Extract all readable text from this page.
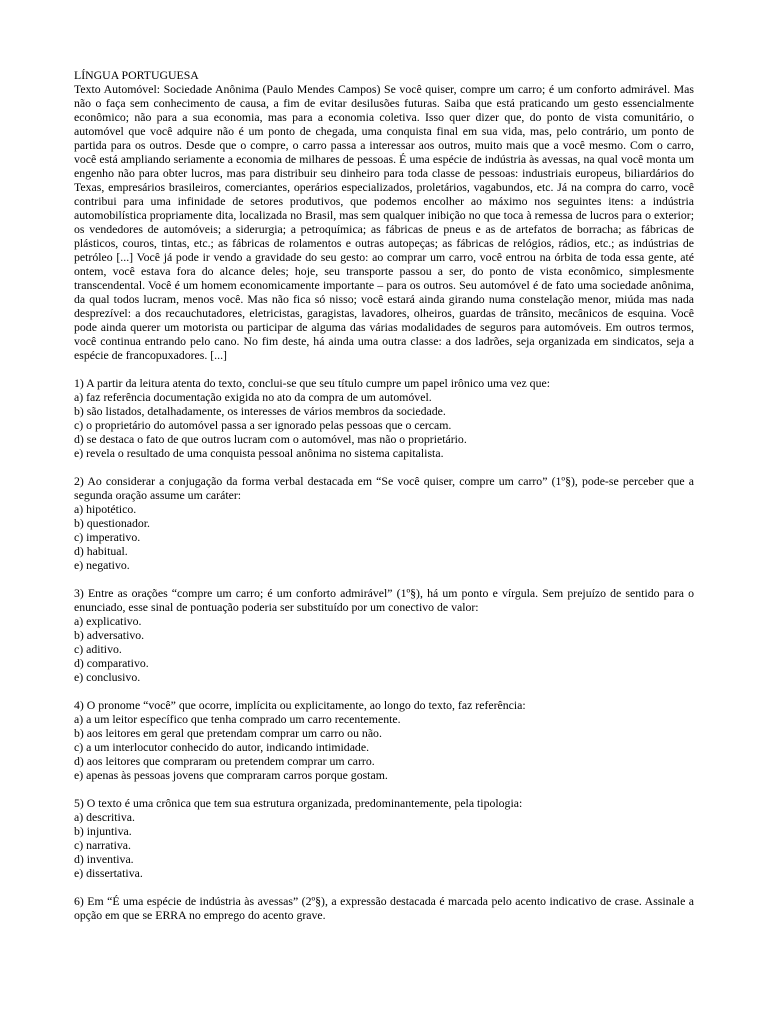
LÍNGUA PORTUGUESA

Texto Automóvel: Sociedade Anônima (Paulo Mendes Campos) Se você quiser, compre um carro; é um conforto admirável. Mas não o faça sem conhecimento de causa, a fim de evitar desilusões futuras. Saiba que está praticando um gesto essencialmente econômico; não para a sua economia, mas para a economia coletiva. Isso quer dizer que, do ponto de vista comunitário, o automóvel que você adquire não é um ponto de chegada, uma conquista final em sua vida, mas, pelo contrário, um ponto de partida para os outros. Desde que o compre, o carro passa a interessar aos outros, muito mais que a você mesmo. Com o carro, você está ampliando seriamente a economia de milhares de pessoas. É uma espécie de indústria às avessas, na qual você monta um engenho não para obter lucros, mas para distribuir seu dinheiro para toda classe de pessoas: industriais europeus, biliardários do Texas, empresários brasileiros, comerciantes, operários especializados, proletários, vagabundos, etc. Já na compra do carro, você contribui para uma infinidade de setores produtivos, que podemos encolher ao máximo nos seguintes itens: a indústria automobilística propriamente dita, localizada no Brasil, mas sem qualquer inibição no que toca à remessa de lucros para o exterior; os vendedores de automóveis; a siderurgia; a petroquímica; as fábricas de pneus e as de artefatos de borracha; as fábricas de plásticos, couros, tintas, etc.; as fábricas de rolamentos e outras autopeças; as fábricas de relógios, rádios, etc.; as indústrias de petróleo [...] Você já pode ir vendo a gravidade do seu gesto: ao comprar um carro, você entrou na órbita de toda essa gente, até ontem, você estava fora do alcance deles; hoje, seu transporte passou a ser, do ponto de vista econômico, simplesmente transcendental. Você é um homem economicamente importante – para os outros. Seu automóvel é de fato uma sociedade anônima, da qual todos lucram, menos você. Mas não fica só nisso; você estará ainda girando numa constelação menor, miúda mas nada desprezível: a dos recauchutadores, eletricistas, garagistas, lavadores, olheiros, guardas de trânsito, mecânicos de esquina. Você pode ainda querer um motorista ou participar de alguma das várias modalidades de seguros para automóveis. Em outros termos, você continua entrando pelo cano. No fim deste, há ainda uma outra classe: a dos ladrões, seja organizada em sindicatos, seja a espécie de francopuxadores. [...]

1) A partir da leitura atenta do texto, conclui-se que seu título cumpre um papel irônico uma vez que:

a) faz referência documentação exigida no ato da compra de um automóvel.
b) são listados, detalhadamente, os interesses de vários membros da sociedade.
c) o proprietário do automóvel passa a ser ignorado pelas pessoas que o cercam.
d) se destaca o fato de que outros lucram com o automóvel, mas não o proprietário.
e) revela o resultado de uma conquista pessoal anônima no sistema capitalista.

2) Ao considerar a conjugação da forma verbal destacada em “Se você quiser, compre um carro” (1º§), pode-se perceber que a segunda oração assume um caráter:

a) hipotético.
b) questionador.
c) imperativo.
d) habitual.
e) negativo.

3) Entre as orações “compre um carro; é um conforto admirável” (1º§), há um ponto e vírgula. Sem prejuízo de sentido para o enunciado, esse sinal de pontuação poderia ser substituído por um conectivo de valor:

a) explicativo.
b) adversativo.
c) aditivo.
d) comparativo.
e) conclusivo.

4) O pronome “você” que ocorre, implícita ou explicitamente, ao longo do texto, faz referência:

a) a um leitor específico que tenha comprado um carro recentemente.
b) aos leitores em geral que pretendam comprar um carro ou não.
c) a um interlocutor conhecido do autor, indicando intimidade.
d) aos leitores que compraram ou pretendem comprar um carro.
e) apenas às pessoas jovens que compraram carros porque gostam.

5) O texto é uma crônica que tem sua estrutura organizada, predominantemente, pela tipologia:

a) descritiva.
b) injuntiva.
c) narrativa.
d) inventiva.
e) dissertativa.

6) Em “É uma espécie de indústria às avessas” (2º§), a expressão destacada é marcada pelo acento indicativo de crase. Assinale a opção em que se ERRA no emprego do acento grave.
